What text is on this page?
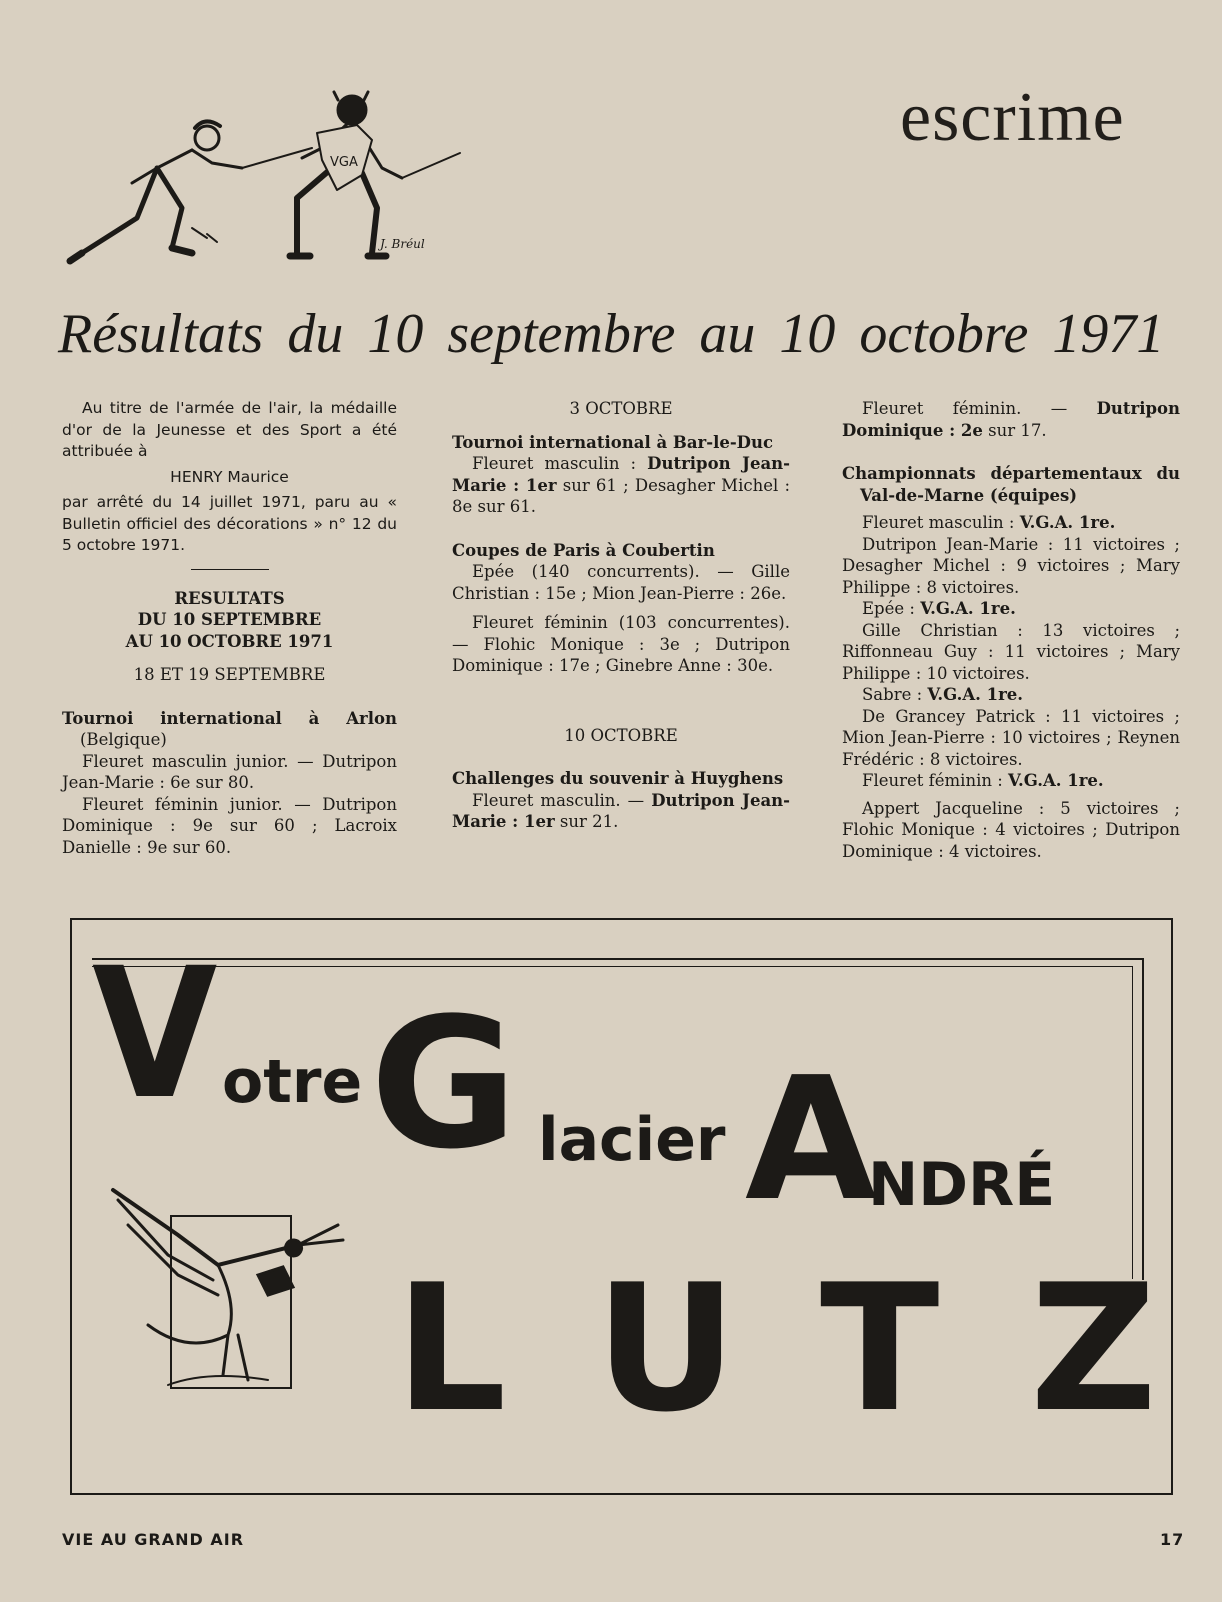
VGA
J. Bréul
escrime
Résultats du 10 septembre au 10 octobre 1971

Au titre de l'armée de l'air, la médaille d'or de la Jeunesse et des Sport a été attribuée à

HENRY Maurice

par arrêté du 14 juillet 1971, paru au « Bulletin officiel des décorations » n° 12 du 5 octobre 1971.

RESULTATS

DU 10 SEPTEMBRE

AU 10 OCTOBRE 1971

18 ET 19 SEPTEMBRE

Tournoi international à Arlon (Belgique)

Fleuret masculin junior. — Dutripon Jean-Marie : 6e sur 80.

Fleuret féminin junior. — Dutripon Dominique : 9e sur 60 ; Lacroix Danielle : 9e sur 60.

3 OCTOBRE

Tournoi international à Bar-le-Duc

Fleuret masculin : Dutripon Jean-Marie : 1er sur 61 ; Desagher Michel : 8e sur 61.

Coupes de Paris à Coubertin

Epée (140 concurrents). — Gille Christian : 15e ; Mion Jean-Pierre : 26e.

Fleuret féminin (103 concurrentes). — Flohic Monique : 3e ; Dutripon Dominique : 17e ; Ginebre Anne : 30e.

10 OCTOBRE

Challenges du souvenir à Huyghens

Fleuret masculin. — Dutripon Jean-Marie : 1er sur 21.

Fleuret féminin. — Dutripon Dominique : 2e sur 17.

Championnats départementaux du Val-de-Marne (équipes)

Fleuret masculin : V.G.A. 1re.

Dutripon Jean-Marie : 11 victoires ; Desagher Michel : 9 victoires ; Mary Philippe : 8 victoires.

Epée : V.G.A. 1re.

Gille Christian : 13 victoires ; Riffonneau Guy : 11 victoires ; Mary Philippe : 10 victoires.

Sabre : V.G.A. 1re.

De Grancey Patrick : 11 victoires ; Mion Jean-Pierre : 10 victoires ; Reynen Frédéric : 8 victoires.

Fleuret féminin : V.G.A. 1re.

Appert Jacqueline : 5 victoires ; Flohic Monique : 4 victoires ; Dutripon Dominique : 4 victoires.

V otre G lacier A
NDRÉ
L U T Z
VIE AU GRAND AIR	17
